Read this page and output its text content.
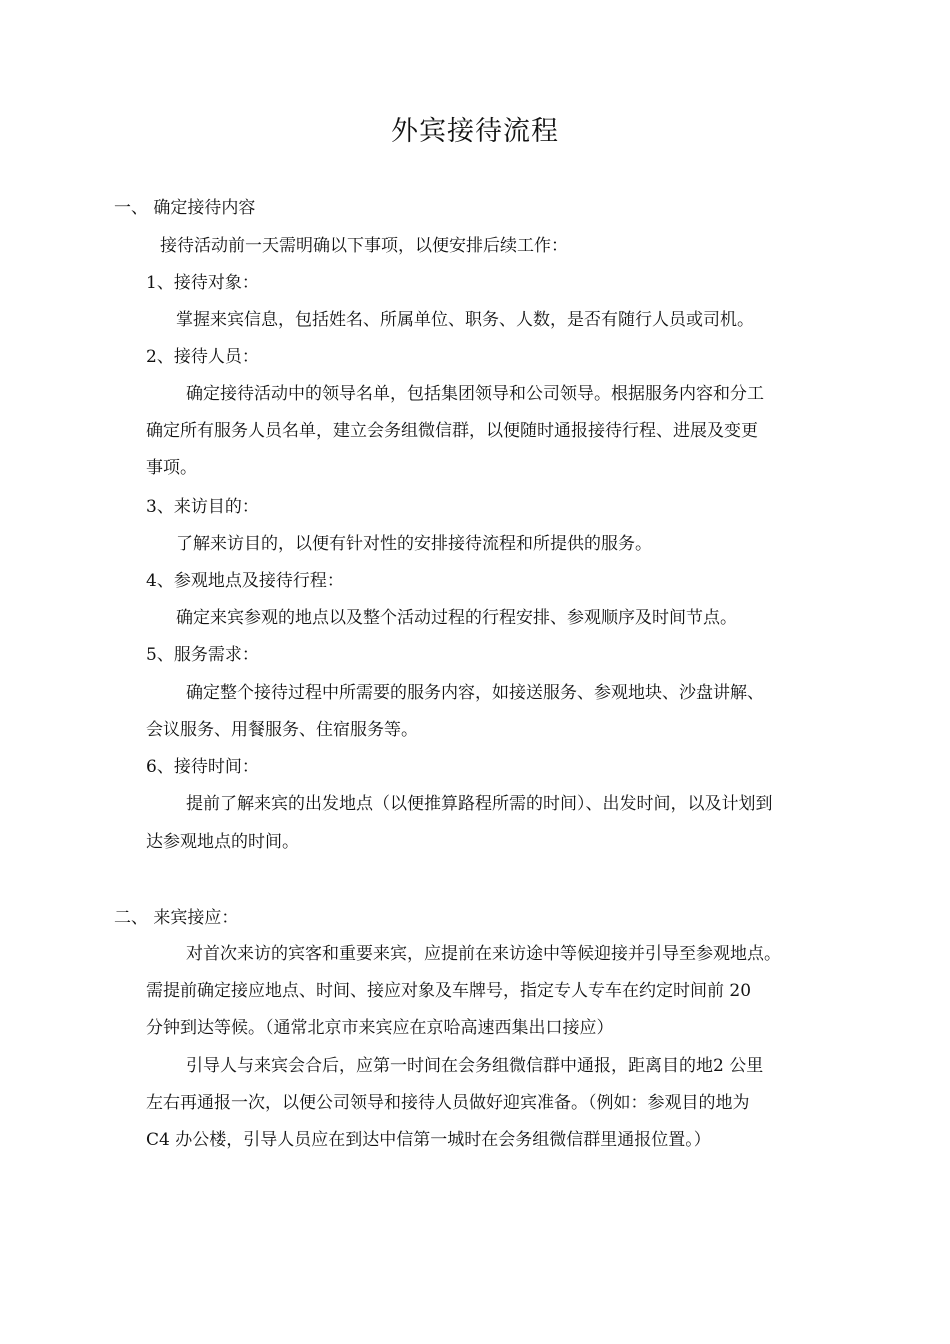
外宾接待流程
一、 确定接待内容
接待活动前一天需明确以下事项，以便安排后续工作：
1、接待对象：
掌握来宾信息，包括姓名、所属单位、职务、人数，是否有随行人员或司机。
2、接待人员：
确定接待活动中的领导名单，包括集团领导和公司领导。根据服务内容和分工
确定所有服务人员名单，建立会务组微信群，以便随时通报接待行程、进展及变更
事项。
3、来访目的：
了解来访目的，以便有针对性的安排接待流程和所提供的服务。
4、参观地点及接待行程：
确定来宾参观的地点以及整个活动过程的行程安排、参观顺序及时间节点。
5、服务需求：
确定整个接待过程中所需要的服务内容，如接送服务、参观地块、沙盘讲解、
会议服务、用餐服务、住宿服务等。
6、接待时间：
提前了解来宾的出发地点（以便推算路程所需的时间）、出发时间，以及计划到
达参观地点的时间。
二、 来宾接应：
对首次来访的宾客和重要来宾，应提前在来访途中等候迎接并引导至参观地点。
需提前确定接应地点、时间、接应对象及车牌号，指定专人专车在约定时间前 20
分钟到达等候。（通常北京市来宾应在京哈高速西集出口接应）
引导人与来宾会合后，应第一时间在会务组微信群中通报，距离目的地2 公里
左右再通报一次，以便公司领导和接待人员做好迎宾准备。（例如：参观目的地为
C4 办公楼，引导人员应在到达中信第一城时在会务组微信群里通报位置。）
